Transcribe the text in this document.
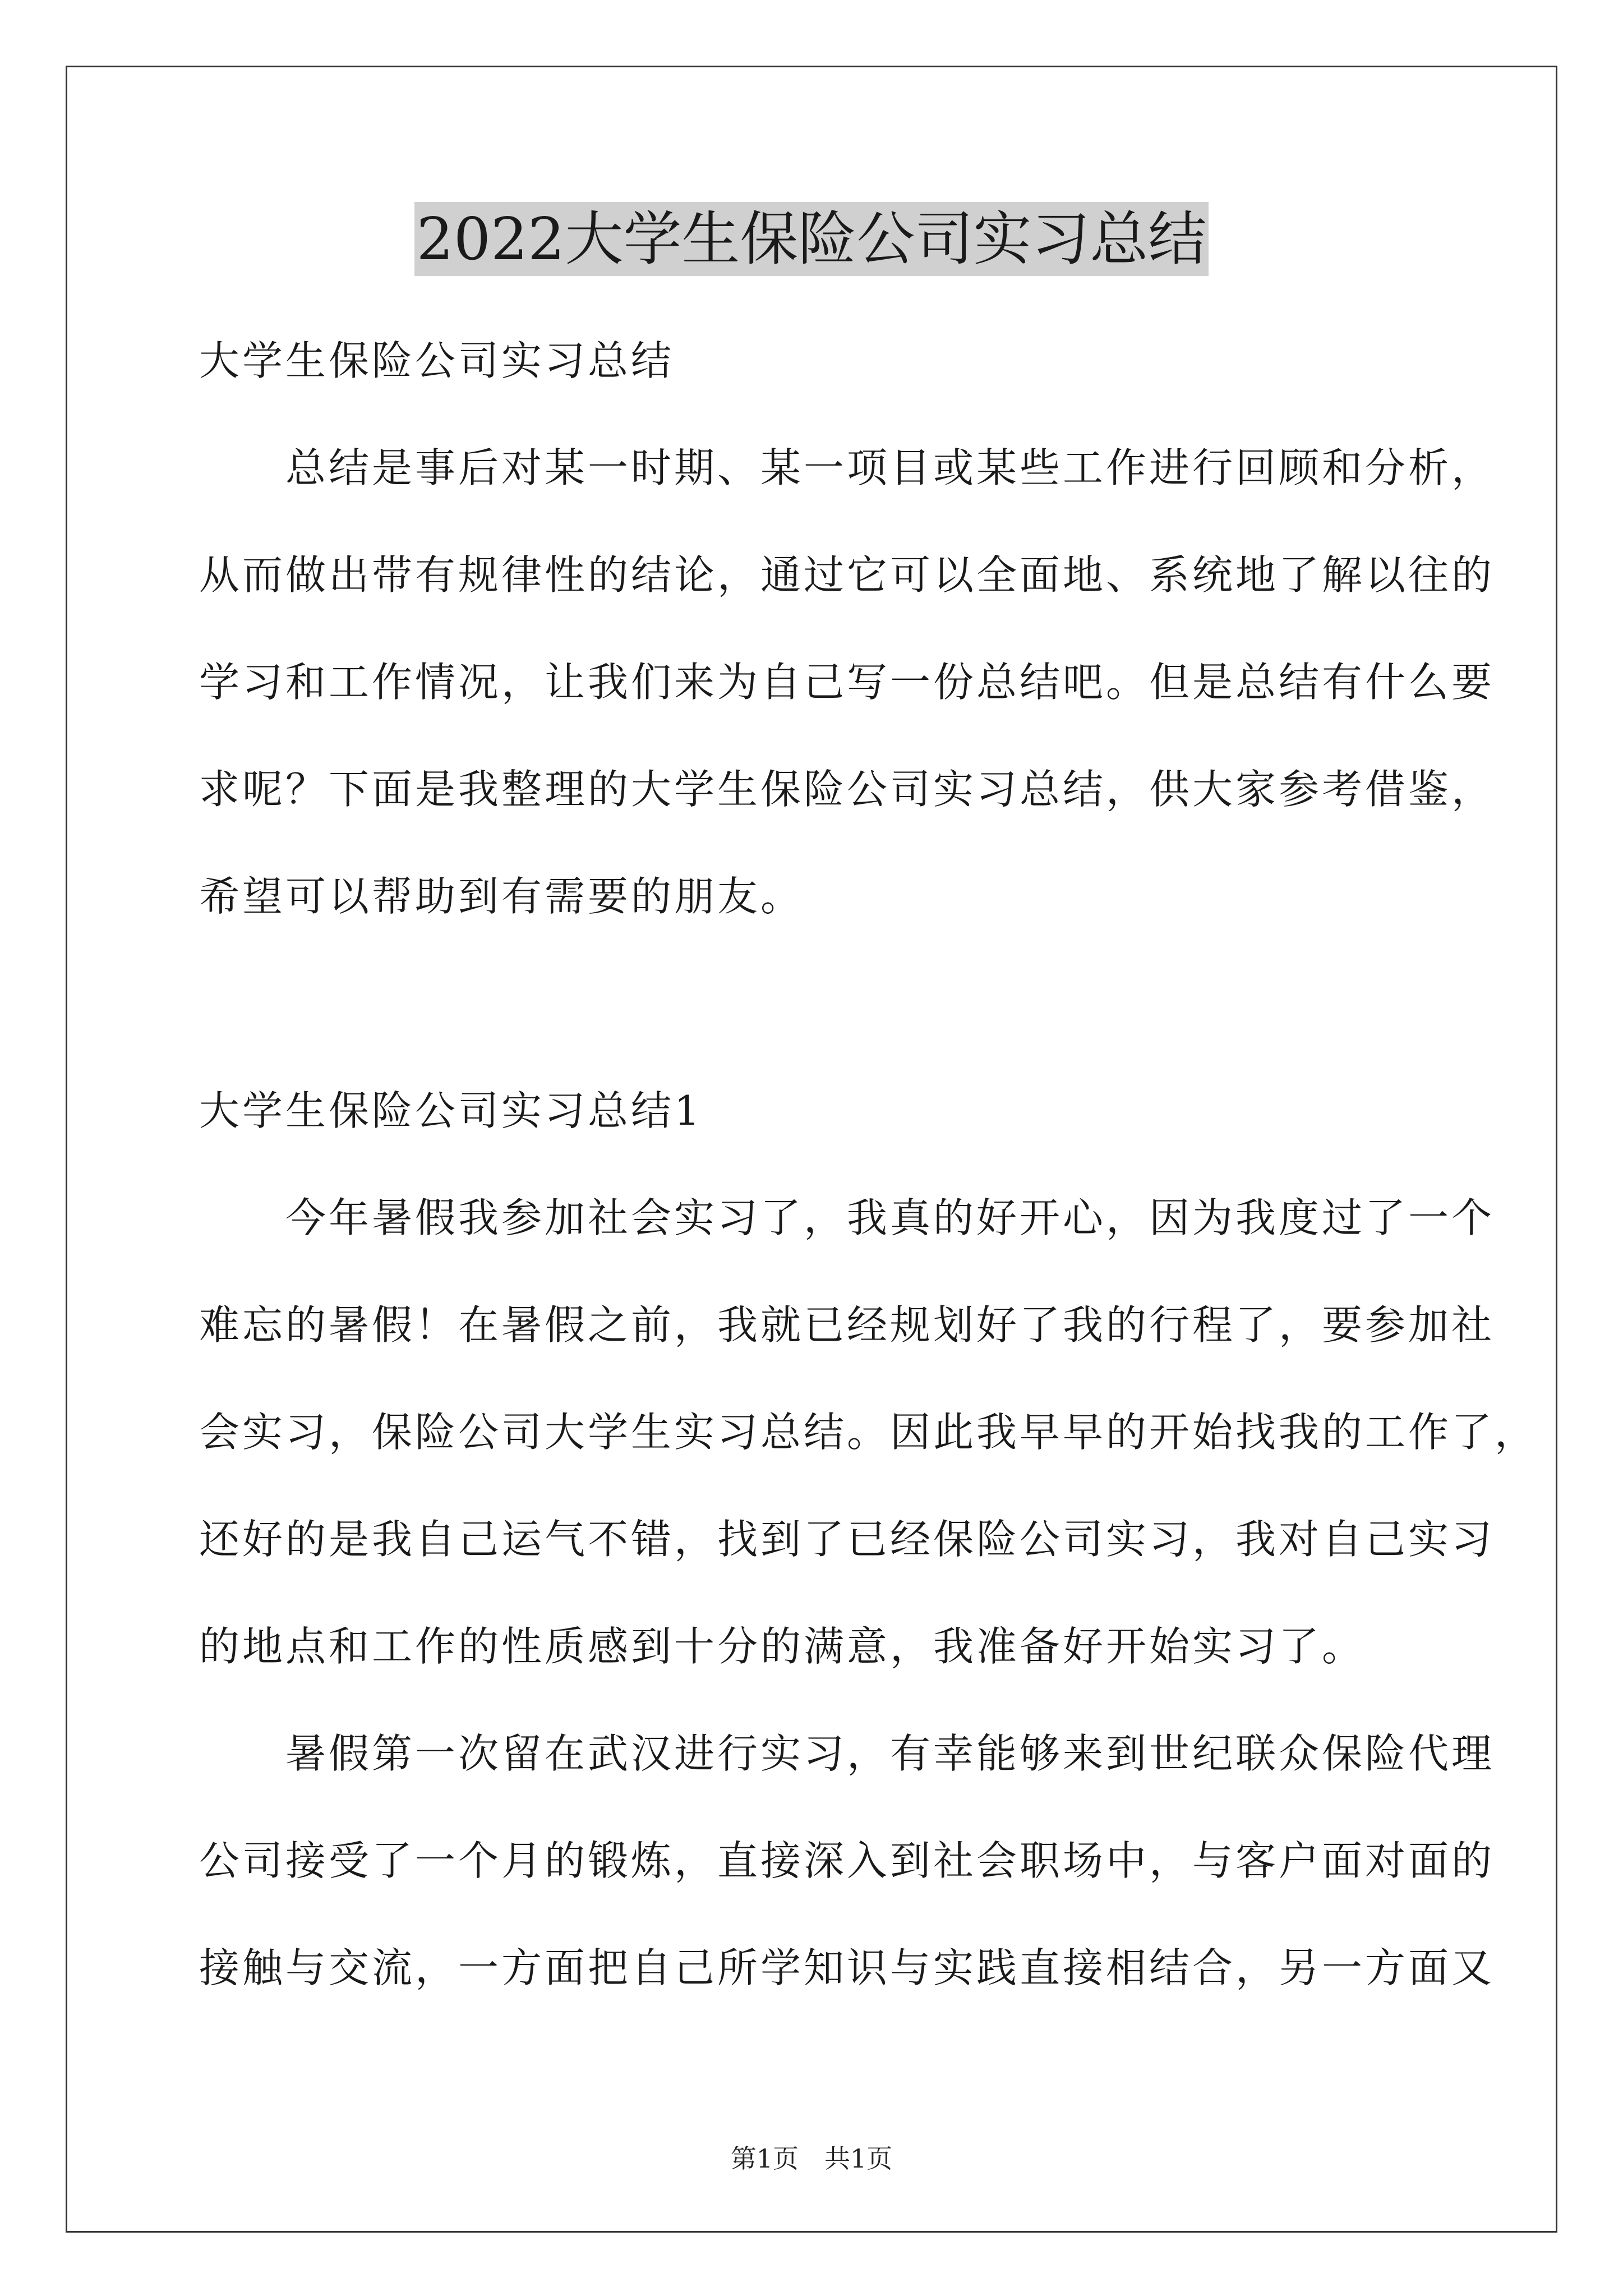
2022大学生保险公司实习总结
大学生保险公司实习总结
　　总结是事后对某一时期、某一项目或某些工作进行回顾和分析，
从而做出带有规律性的结论，通过它可以全面地、系统地了解以往的
学习和工作情况，让我们来为自己写一份总结吧。但是总结有什么要
求呢？下面是我整理的大学生保险公司实习总结，供大家参考借鉴，
希望可以帮助到有需要的朋友。
大学生保险公司实习总结1
　　今年暑假我参加社会实习了，我真的好开心，因为我度过了一个
难忘的暑假！在暑假之前，我就已经规划好了我的行程了，要参加社
会实习，保险公司大学生实习总结。因此我早早的开始找我的工作了，
还好的是我自己运气不错，找到了已经保险公司实习，我对自己实习
的地点和工作的性质感到十分的满意，我准备好开始实习了。
　　暑假第一次留在武汉进行实习，有幸能够来到世纪联众保险代理
公司接受了一个月的锻炼，直接深入到社会职场中，与客户面对面的
接触与交流，一方面把自己所学知识与实践直接相结合，另一方面又
第1页　共1页
